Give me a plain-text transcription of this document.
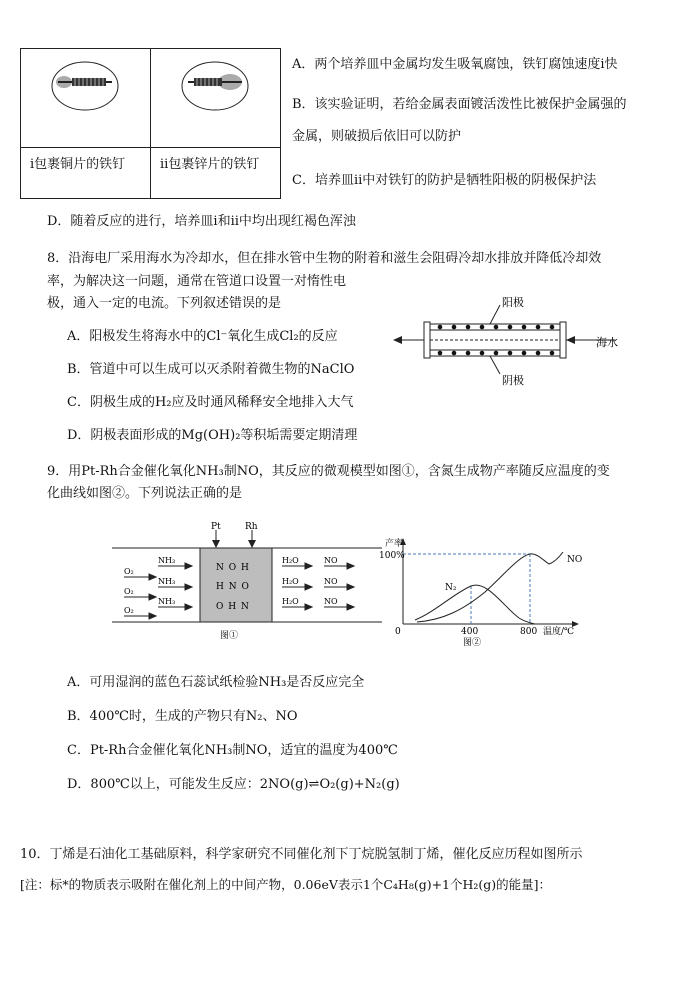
ⅰ包裹铜片的铁钉	ⅱ包裹锌片的铁钉
A．两个培养皿中金属均发生吸氧腐蚀，铁钉腐蚀速度ⅰ快
B．该实验证明，若给金属表面镀活泼性比被保护金属强的
金属，则破损后依旧可以防护
C．培养皿ⅱ中对铁钉的防护是牺牲阳极的阴极保护法
D．随着反应的进行，培养皿ⅰ和ⅱ中均出现红褐色浑浊
8．沿海电厂采用海水为冷却水，但在排水管中生物的附着和滋生会阻碍冷却水排放并降低冷却效
率，为解决这一问题，通常在管道口设置一对惰性电
极，通入一定的电流。下列叙述错误的是
A．阳极发生将海水中的Cl⁻氧化生成Cl₂的反应
B．管道中可以生成可以灭杀附着微生物的NaClO
C．阴极生成的H₂应及时通风稀释安全地排入大气
D．阴极表面形成的Mg(OH)₂等积垢需要定期清理
阳极
阴极
海水
9．用Pt-Rh合金催化氧化NH₃制NO，其反应的微观模型如图①，含氮生成物产率随反应温度的变
化曲线如图②。下列说法正确的是
Pt	Rh
N O H
H N O
O H N
NH₃
NH₃
NH₃
O₂
O₂
O₂
H₂O
H₂O
H₂O
NO
NO
NO
图①
产率
100%
0	400	800 温度/℃
N₂
NO
图②
A．可用湿润的蓝色石蕊试纸检验NH₃是否反应完全
B．400℃时，生成的产物只有N₂、NO
C．Pt-Rh合金催化氧化NH₃制NO，适宜的温度为400℃
D．800℃以上，可能发生反应：2NO(g)⇌O₂(g)+N₂(g)
10．丁烯是石油化工基础原料，科学家研究不同催化剂下丁烷脱氢制丁烯，催化反应历程如图所示
[注：标*的物质表示吸附在催化剂上的中间产物，0.06eV表示1个C₄H₈(g)+1个H₂(g)的能量]：
